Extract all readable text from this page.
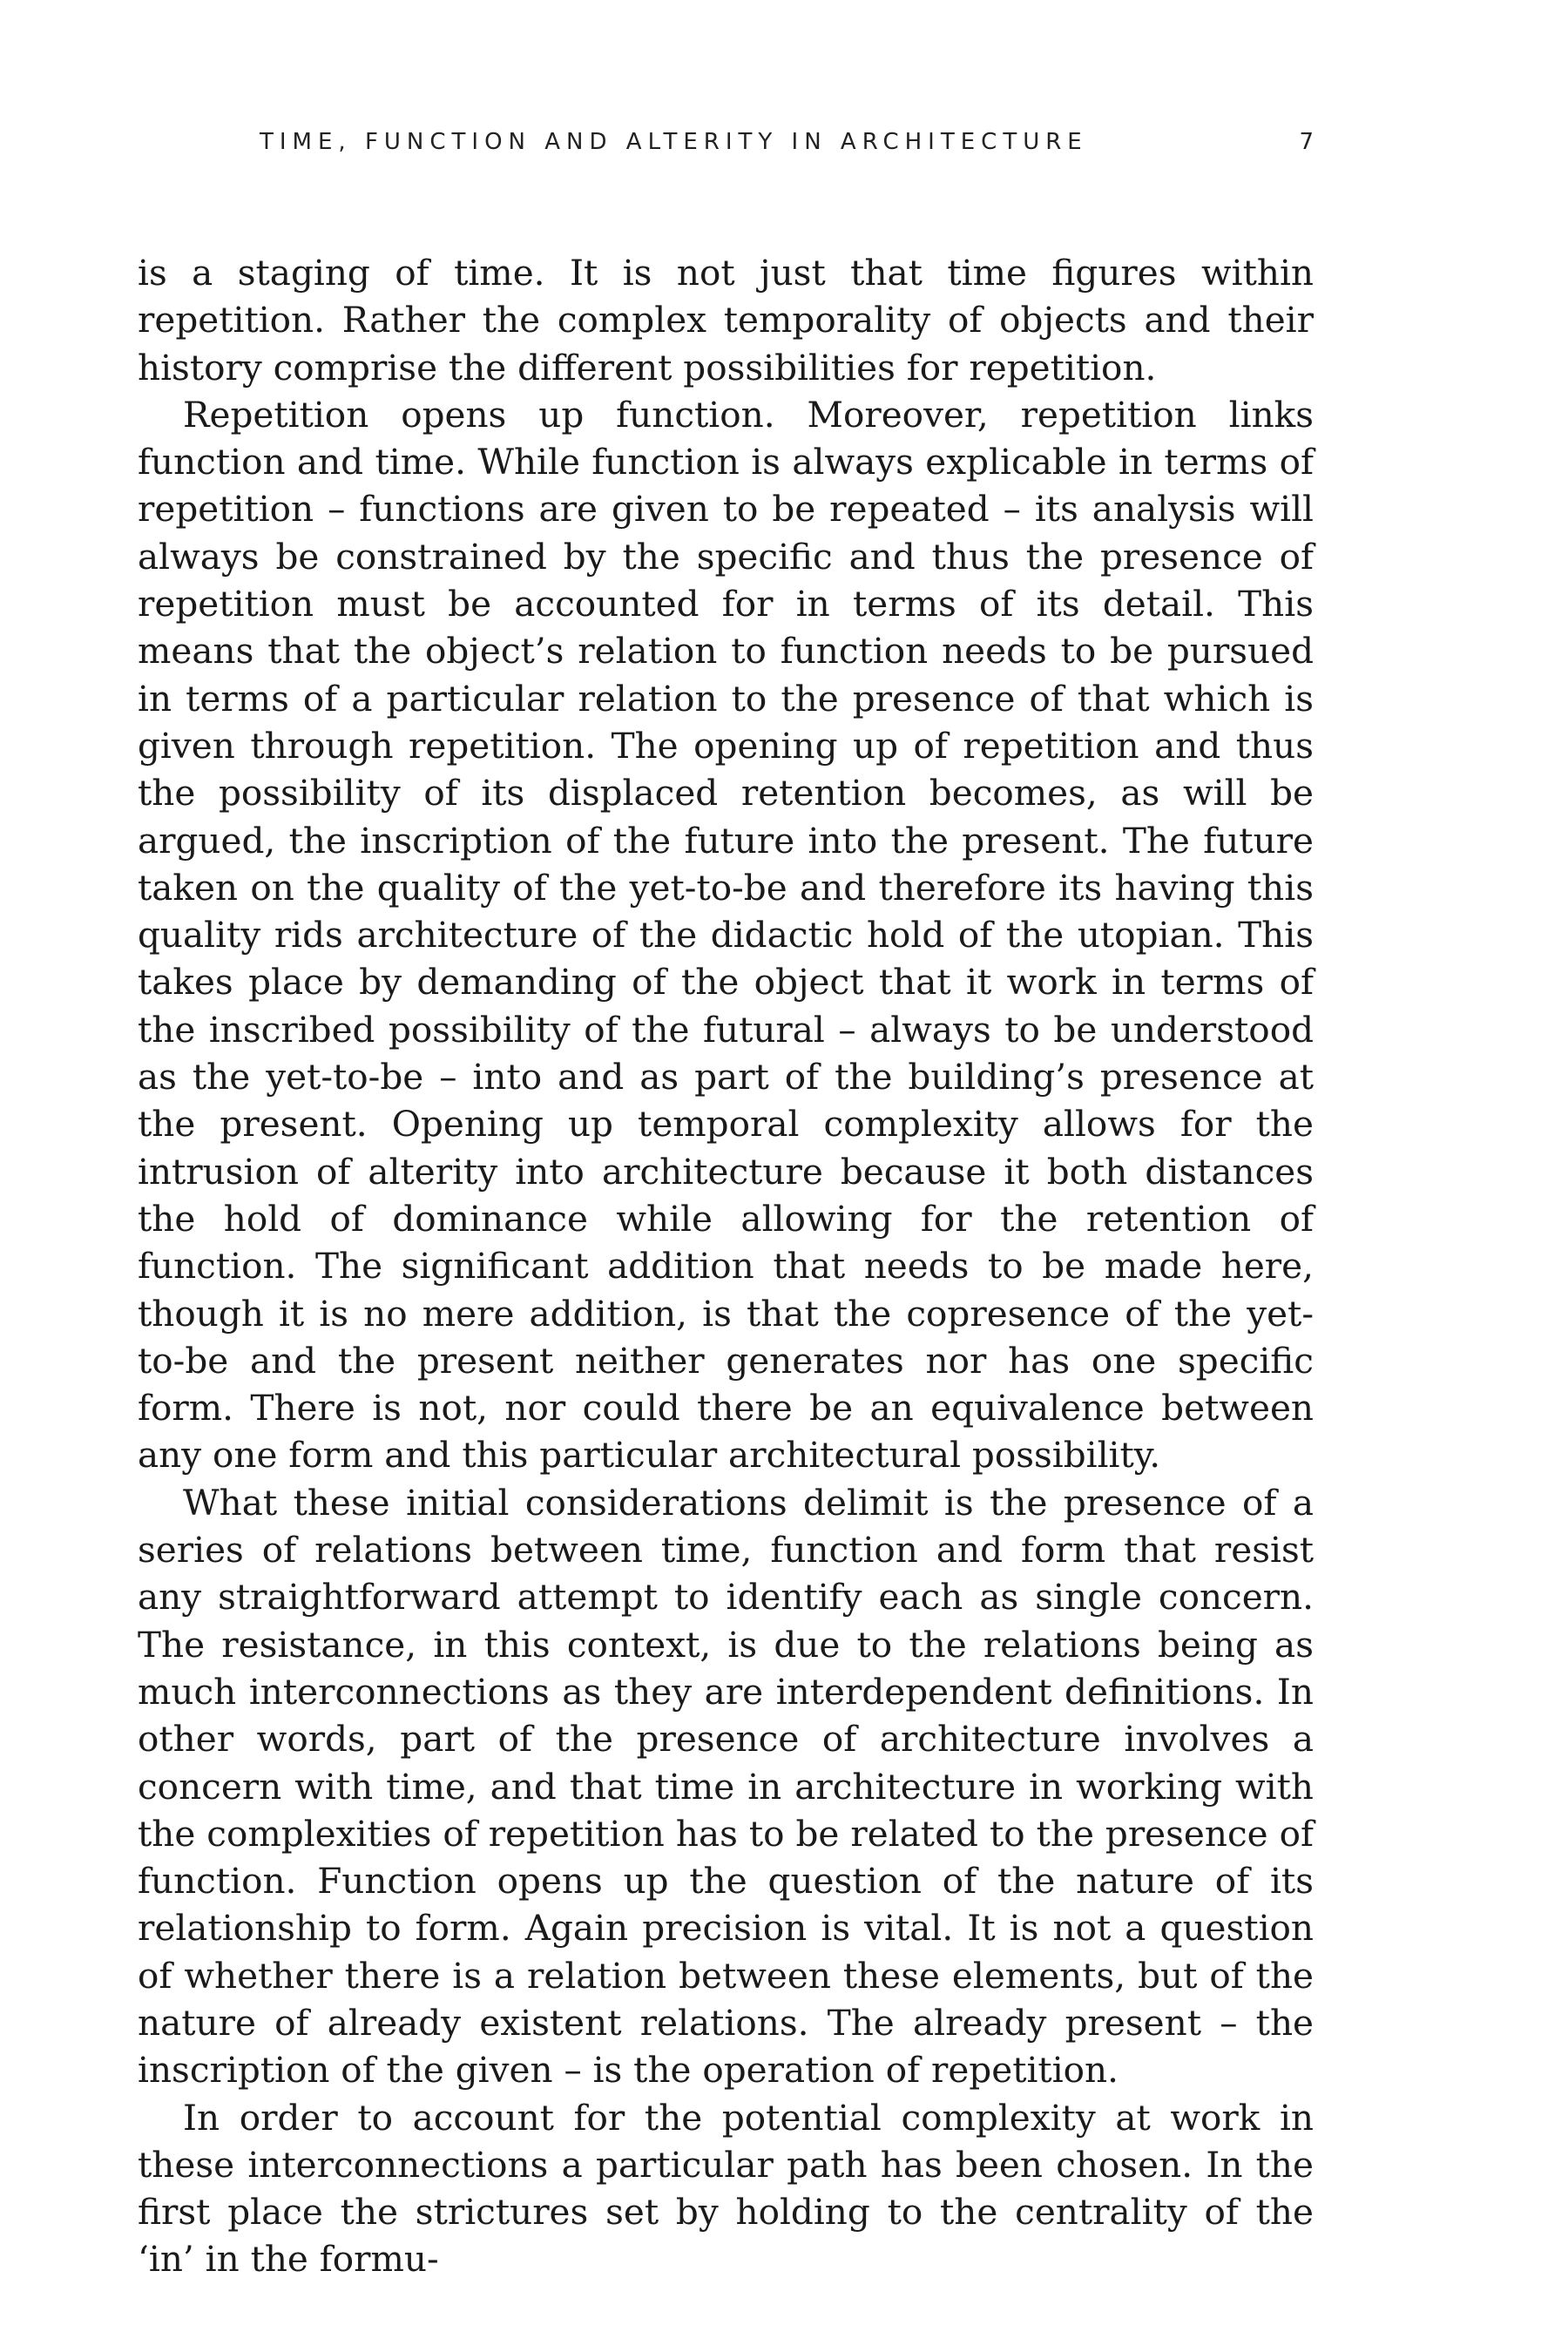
TIME, FUNCTION AND ALTERITY IN ARCHITECTURE	7

is a staging of time. It is not just that time figures within repetition. Rather the complex temporality of objects and their history comprise the different possibilities for repetition.

Repetition opens up function. Moreover, repetition links function and time. While function is always explicable in terms of repetition – functions are given to be repeated – its analysis will always be constrained by the specific and thus the presence of repetition must be accounted for in terms of its detail. This means that the object’s relation to function needs to be pursued in terms of a particular relation to the presence of that which is given through repetition. The opening up of repetition and thus the possibility of its displaced retention becomes, as will be argued, the inscription of the future into the present. The future taken on the quality of the yet-to-be and therefore its having this quality rids architecture of the didactic hold of the utopian. This takes place by demanding of the object that it work in terms of the inscribed possibility of the futural – always to be understood as the yet-to-be – into and as part of the building’s presence at the present. Opening up temporal complexity allows for the intrusion of alterity into architecture because it both distances the hold of dominance while allowing for the retention of function. The significant addition that needs to be made here, though it is no mere addition, is that the copresence of the yet-to-be and the present neither generates nor has one specific form. There is not, nor could there be an equivalence between any one form and this particular architectural possibility.

What these initial considerations delimit is the presence of a series of relations between time, function and form that resist any straightforward attempt to identify each as single concern. The resistance, in this context, is due to the relations being as much interconnections as they are interdependent definitions. In other words, part of the presence of architecture involves a concern with time, and that time in architecture in working with the complexities of repetition has to be related to the presence of function. Function opens up the question of the nature of its relationship to form. Again precision is vital. It is not a question of whether there is a relation between these elements, but of the nature of already existent relations. The already present – the inscription of the given – is the operation of repetition.

In order to account for the potential complexity at work in these interconnections a particular path has been chosen. In the first place the strictures set by holding to the centrality of the ‘in’ in the formu-
